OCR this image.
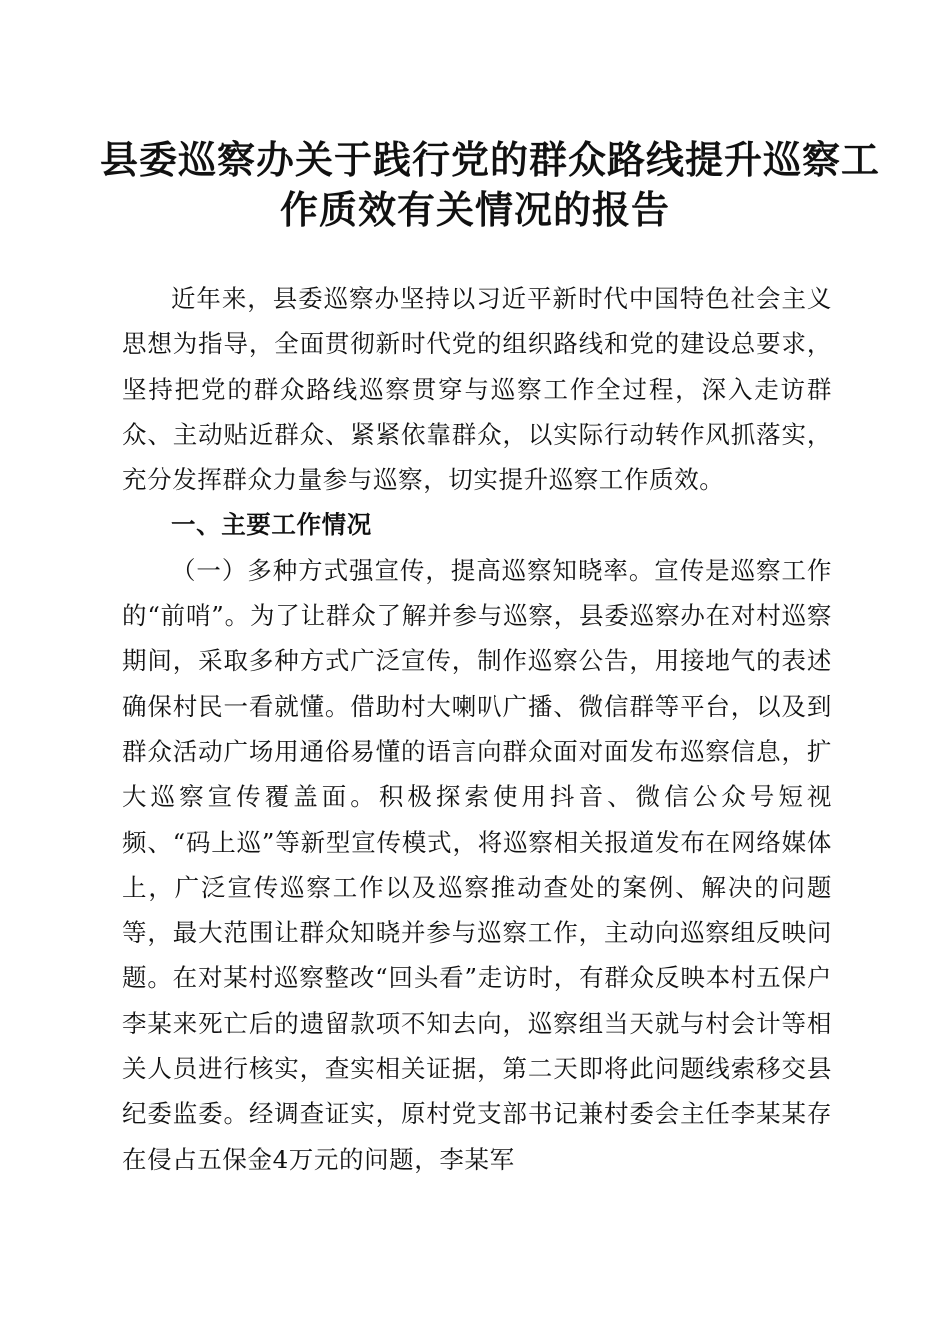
县委巡察办关于践行党的群众路线提升巡察工
作质效有关情况的报告

近年来，县委巡察办坚持以习近平新时代中国特色社会主义思想为指导，全面贯彻新时代党的组织路线和党的建设总要求，坚持把党的群众路线巡察贯穿与巡察工作全过程，深入走访群众、主动贴近群众、紧紧依靠群众，以实际行动转作风抓落实，充分发挥群众力量参与巡察，切实提升巡察工作质效。

一、主要工作情况

（一）多种方式强宣传，提高巡察知晓率。宣传是巡察工作的“前哨”。为了让群众了解并参与巡察，县委巡察办在对村巡察期间，采取多种方式广泛宣传，制作巡察公告，用接地气的表述确保村民一看就懂。借助村大喇叭广播、微信群等平台，以及到群众活动广场用通俗易懂的语言向群众面对面发布巡察信息，扩大巡察宣传覆盖面。积极探索使用抖音、微信公众号短视频、“码上巡”等新型宣传模式，将巡察相关报道发布在网络媒体上，广泛宣传巡察工作以及巡察推动查处的案例、解决的问题等，最大范围让群众知晓并参与巡察工作，主动向巡察组反映问题。在对某村巡察整改“回头看”走访时，有群众反映本村五保户李某来死亡后的遗留款项不知去向，巡察组当天就与村会计等相关人员进行核实，查实相关证据，第二天即将此问题线索移交县纪委监委。经调查证实，原村党支部书记兼村委会主任李某某存在侵占五保金4万元的问题，李某军
